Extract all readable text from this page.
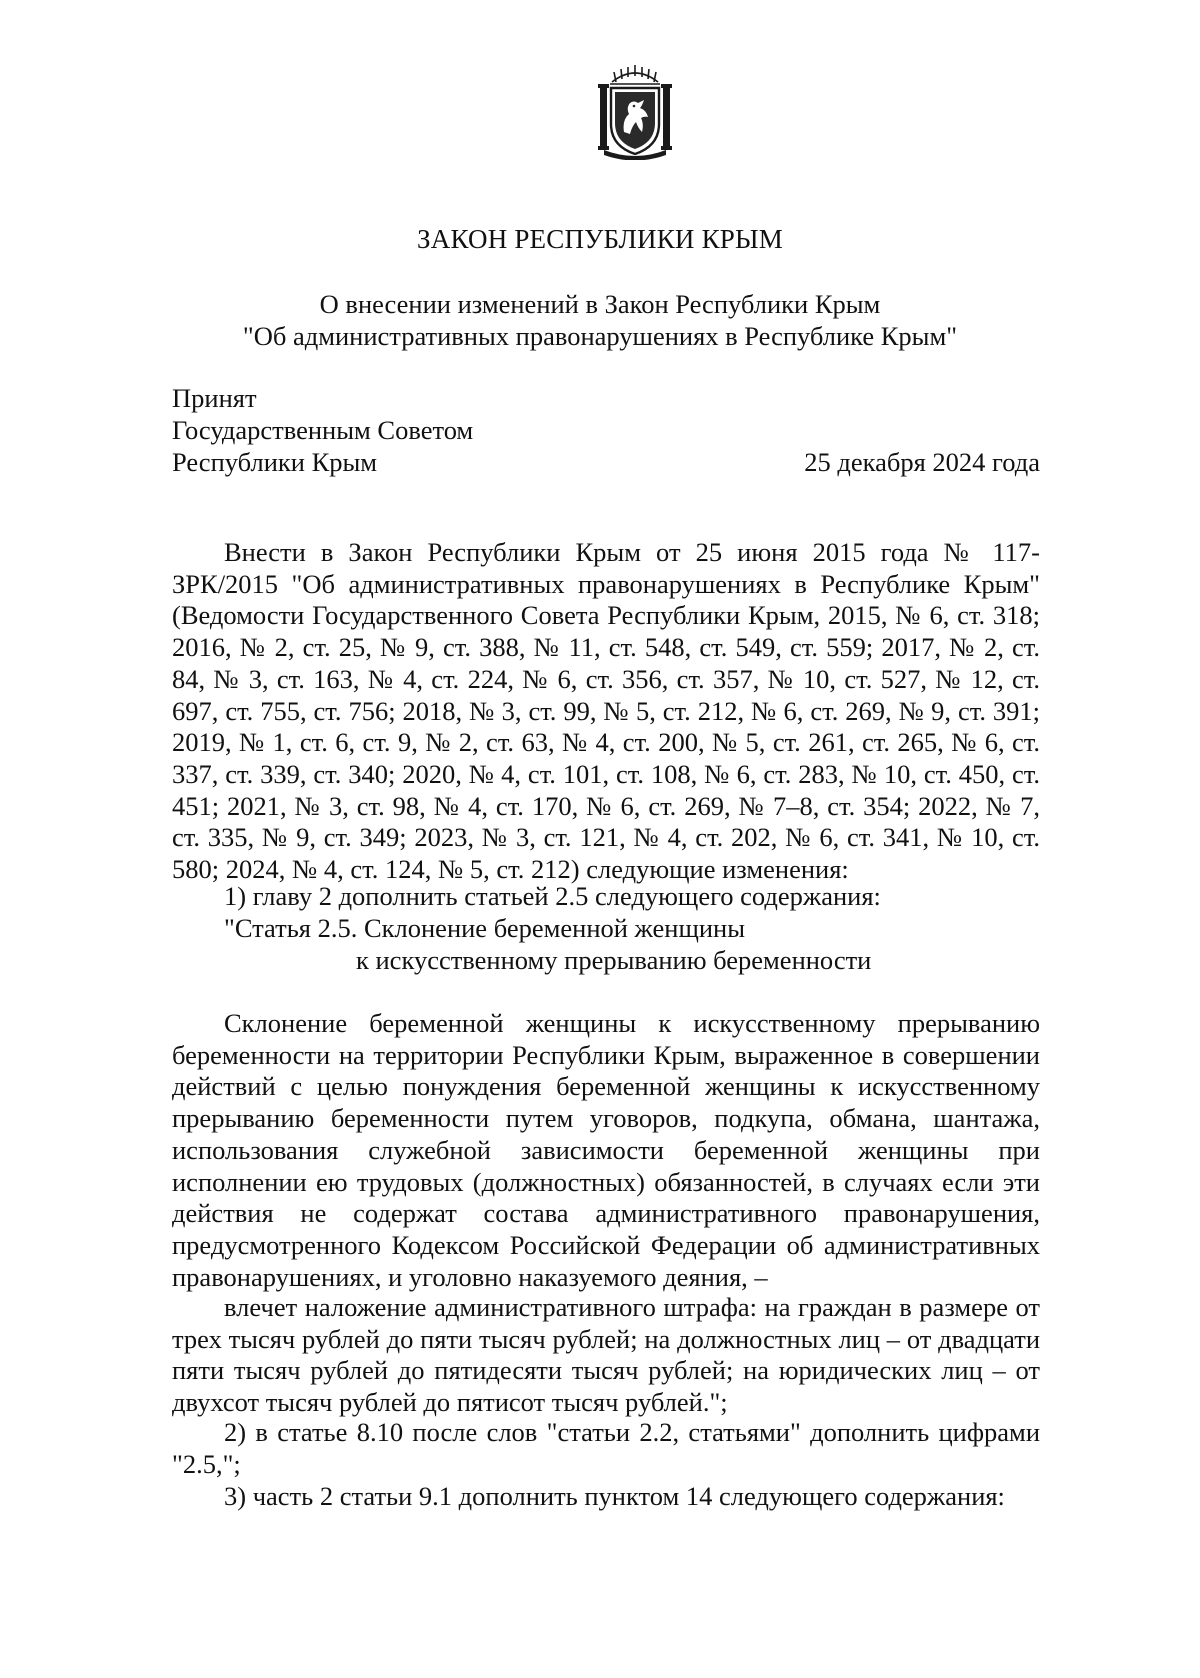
ЗАКОН РЕСПУБЛИКИ КРЫМ
О внесении изменений в Закон Республики Крым
"Об административных правонарушениях в Республике Крым"
Принят
Государственным Советом
Республики Крым	25 декабря 2024 года

Внести в Закон Республики Крым от 25 июня 2015 года № 117-ЗРК/2015 "Об административных правонарушениях в Республике Крым" (Ведомости Государственного Совета Республики Крым, 2015, № 6, ст. 318; 2016, № 2, ст. 25, № 9, ст. 388, № 11, ст. 548, ст. 549, ст. 559; 2017, № 2, ст. 84, № 3, ст. 163, № 4, ст. 224, № 6, ст. 356, ст. 357, № 10, ст. 527, № 12, ст. 697, ст. 755, ст. 756; 2018, № 3, ст. 99, № 5, ст. 212, № 6, ст. 269, № 9, ст. 391; 2019, № 1, ст. 6, ст. 9, № 2, ст. 63, № 4, ст. 200, № 5, ст. 261, ст. 265, № 6, ст. 337, ст. 339, ст. 340; 2020, № 4, ст. 101, ст. 108, № 6, ст. 283, № 10, ст. 450, ст. 451; 2021, № 3, ст. 98, № 4, ст. 170, № 6, ст. 269, № 7–8, ст. 354; 2022, № 7, ст. 335, № 9, ст. 349; 2023, № 3, ст. 121, № 4, ст. 202, № 6, ст. 341, № 10, ст. 580; 2024, № 4, ст. 124, № 5, ст. 212) следующие изменения:

1) главу 2 дополнить статьей 2.5 следующего содержания:
"Статья 2.5. Склонение беременной женщины
к искусственному прерыванию беременности

Склонение беременной женщины к искусственному прерыванию беременности на территории Республики Крым, выраженное в совершении действий с целью понуждения беременной женщины к искусственному прерыванию беременности путем уговоров, подкупа, обмана, шантажа, использования служебной зависимости беременной женщины при исполнении ею трудовых (должностных) обязанностей, в случаях если эти действия не содержат состава административного правонарушения, предусмотренного Кодексом Российской Федерации об административных правонарушениях, и уголовно наказуемого деяния, –

влечет наложение административного штрафа: на граждан в размере от трех тысяч рублей до пяти тысяч рублей; на должностных лиц – от двадцати пяти тысяч рублей до пятидесяти тысяч рублей; на юридических лиц – от двухсот тысяч рублей до пятисот тысяч рублей.";

2) в статье 8.10 после слов "статьи 2.2, статьями" дополнить цифрами "2.5,";

3) часть 2 статьи 9.1 дополнить пунктом 14 следующего содержания:
